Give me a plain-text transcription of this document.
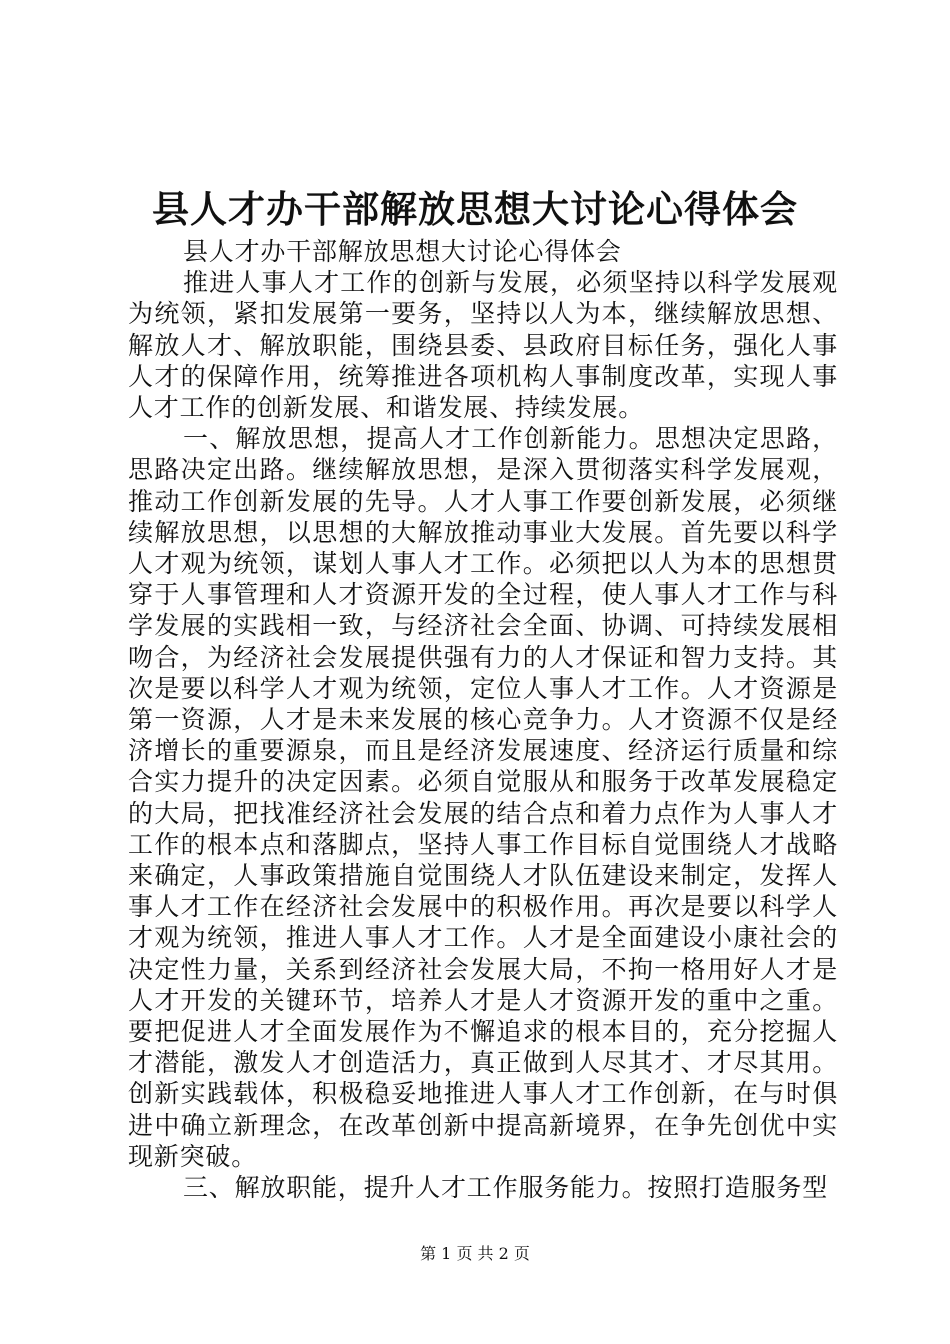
县人才办干部解放思想大讨论心得体会

县人才办干部解放思想大讨论心得体会

推进人事人才工作的创新与发展，必须坚持以科学发展观为统领，紧扣发展第一要务，坚持以人为本，继续解放思想、解放人才、解放职能，围绕县委、县政府目标任务，强化人事人才的保障作用，统筹推进各项机构人事制度改革，实现人事人才工作的创新发展、和谐发展、持续发展。

一、解放思想，提高人才工作创新能力。思想决定思路，思路决定出路。继续解放思想，是深入贯彻落实科学发展观，推动工作创新发展的先导。人才人事工作要创新发展，必须继续解放思想，以思想的大解放推动事业大发展。首先要以科学人才观为统领，谋划人事人才工作。必须把以人为本的思想贯穿于人事管理和人才资源开发的全过程，使人事人才工作与科学发展的实践相一致，与经济社会全面、协调、可持续发展相吻合，为经济社会发展提供强有力的人才保证和智力支持。其次是要以科学人才观为统领，定位人事人才工作。人才资源是第一资源，人才是未来发展的核心竞争力。人才资源不仅是经济增长的重要源泉，而且是经济发展速度、经济运行质量和综合实力提升的决定因素。必须自觉服从和服务于改革发展稳定的大局，把找准经济社会发展的结合点和着力点作为人事人才工作的根本点和落脚点，坚持人事工作目标自觉围绕人才战略来确定，人事政策措施自觉围绕人才队伍建设来制定，发挥人事人才工作在经济社会发展中的积极作用。再次是要以科学人才观为统领，推进人事人才工作。人才是全面建设小康社会的决定性力量，关系到经济社会发展大局，不拘一格用好人才是人才开发的关键环节，培养人才是人才资源开发的重中之重。要把促进人才全面发展作为不懈追求的根本目的，充分挖掘人才潜能，激发人才创造活力，真正做到人尽其才、才尽其用。创新实践载体，积极稳妥地推进人事人才工作创新，在与时俱进中确立新理念，在改革创新中提高新境界，在争先创优中实现新突破。

三、解放职能，提升人才工作服务能力。按照打造服务型

第 1 页 共 2 页
